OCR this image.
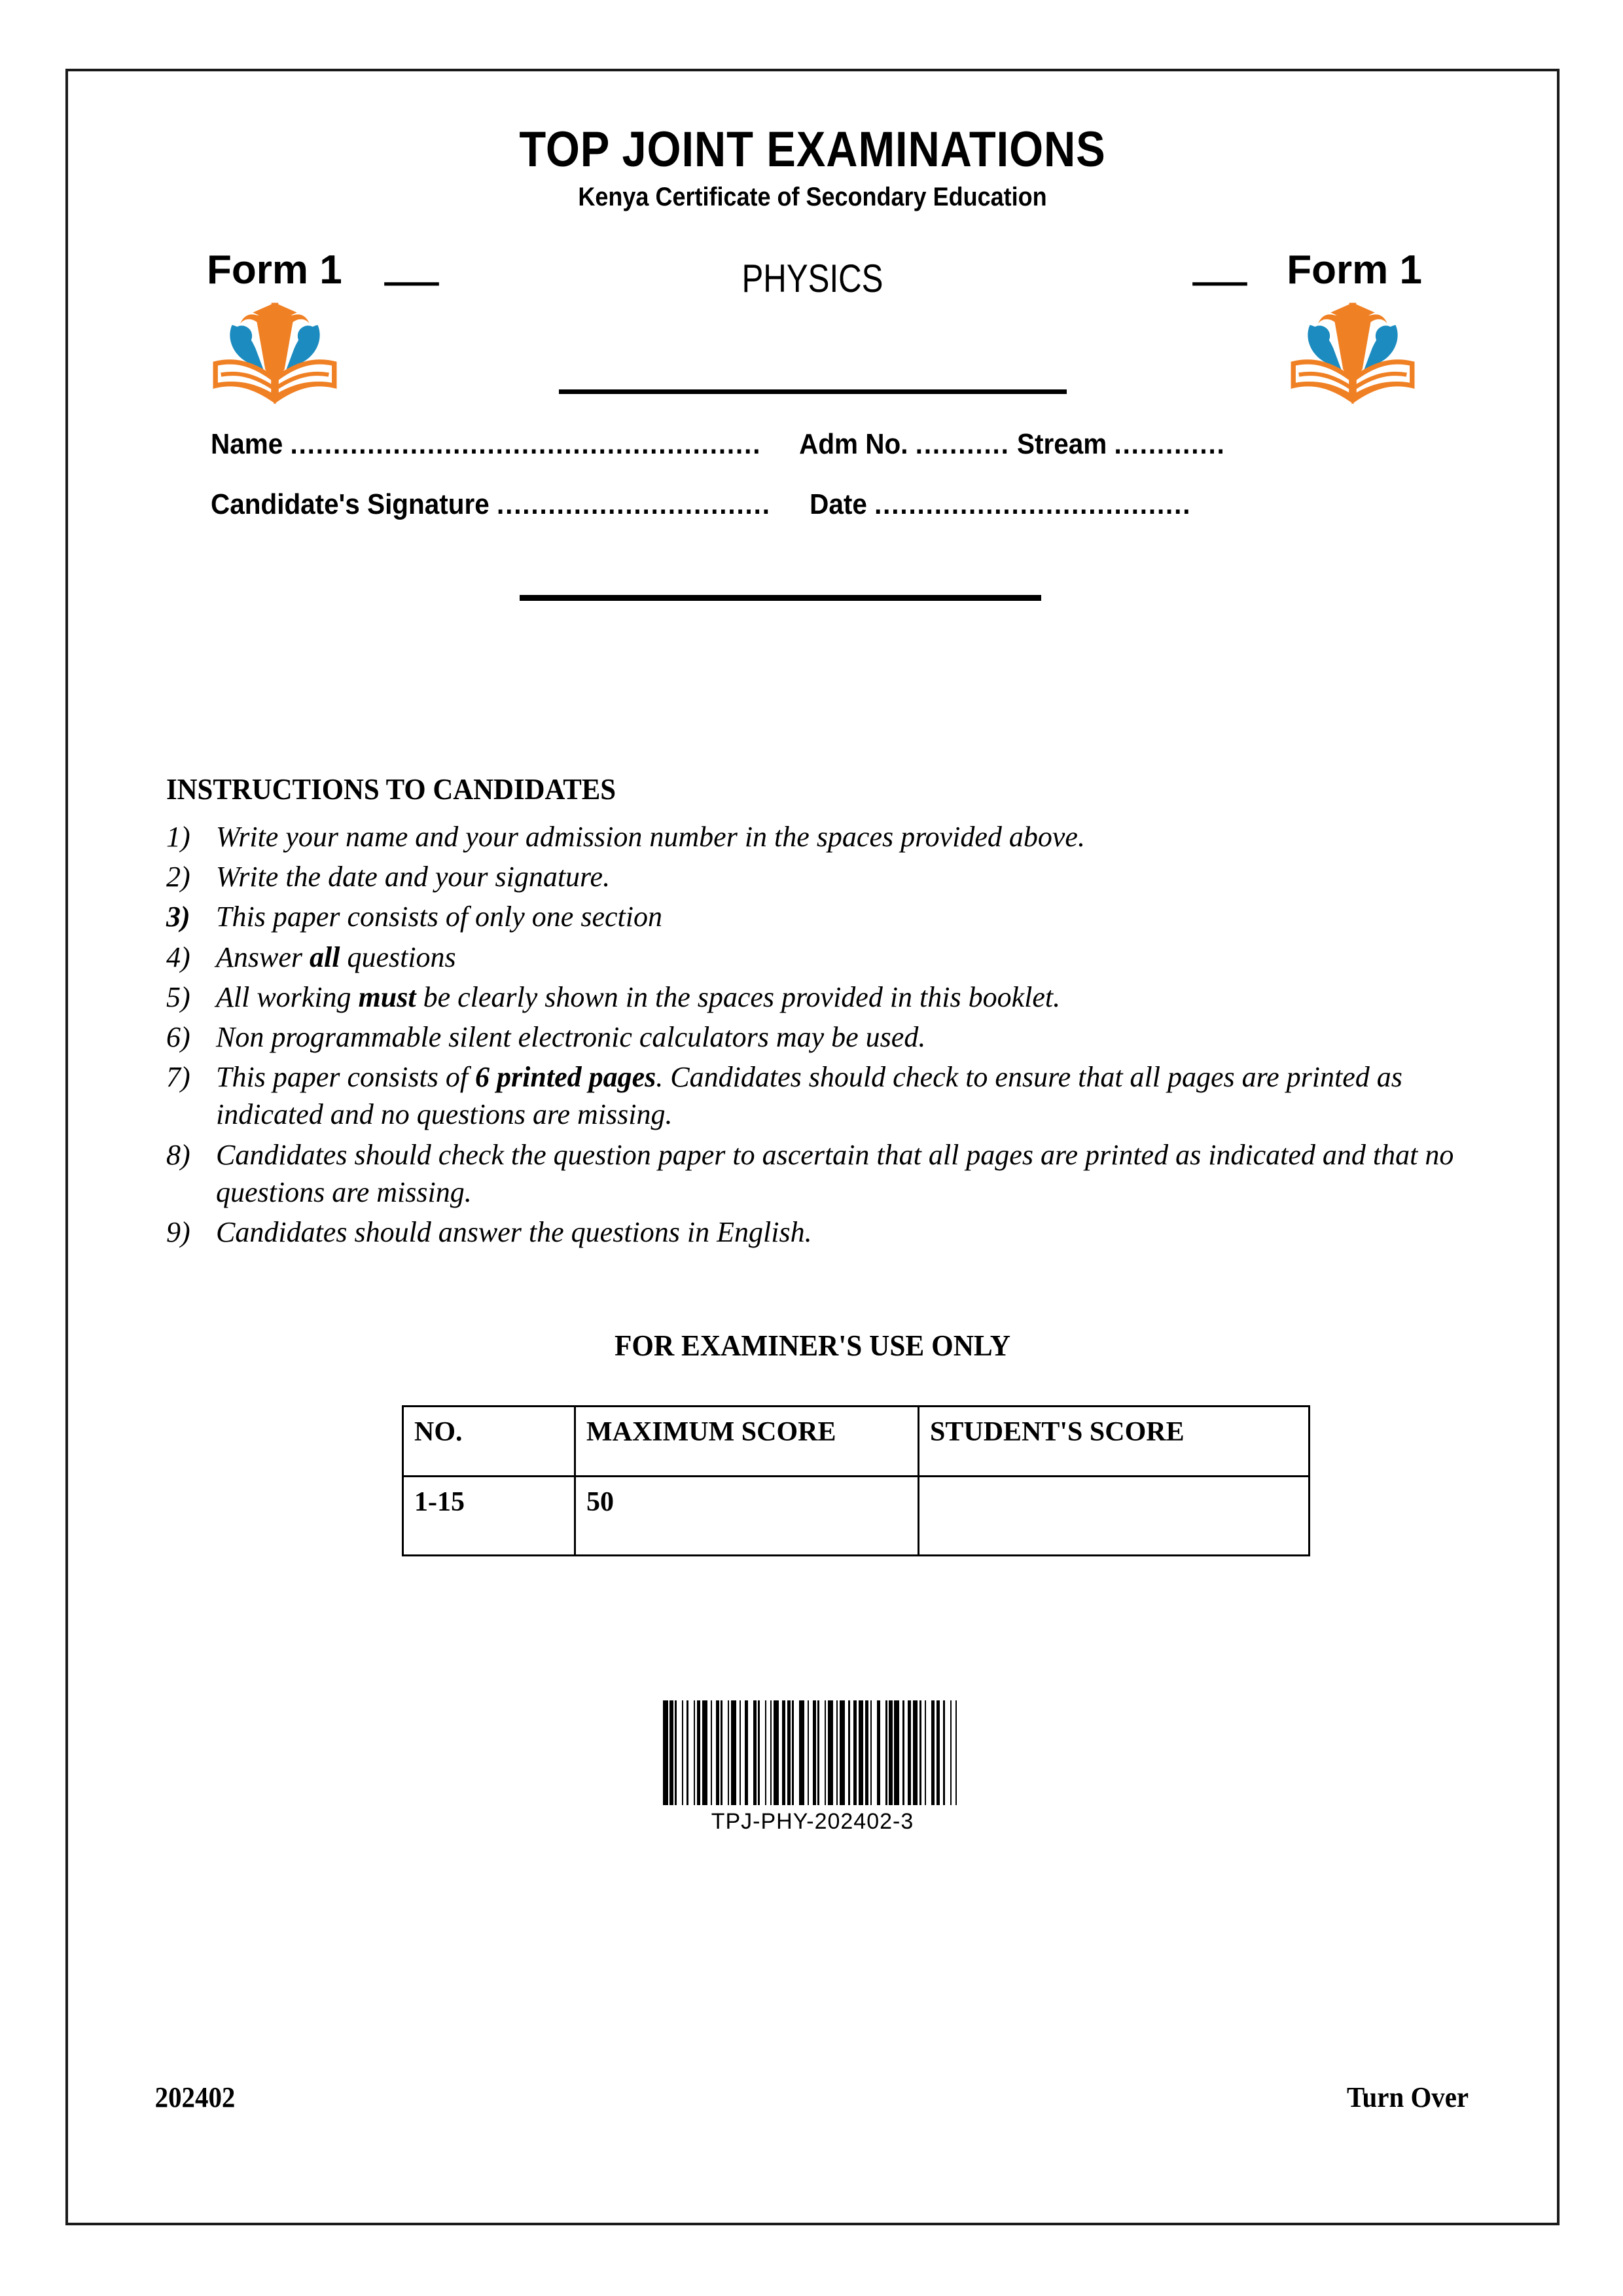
TOP JOINT EXAMINATIONS
Kenya Certificate of Secondary Education
Form 1 —	PHYSICS	— Form 1
Name ....................................................... Adm No. ........... Stream .............
Candidate's Signature ................................ Date .....................................
INSTRUCTIONS TO CANDIDATES
1) Write your name and your admission number in the spaces provided above.
2) Write the date and your signature.
3) This paper consists of only one section
4) Answer all questions
5) All working must be clearly shown in the spaces provided in this booklet.
6) Non programmable silent electronic calculators may be used.
7) This paper consists of 6 printed pages. Candidates should check to ensure that all pages are printed as indicated and no questions are missing.
8) Candidates should check the question paper to ascertain that all pages are printed as indicated and that no questions are missing.
9) Candidates should answer the questions in English.
FOR EXAMINER'S USE ONLY
NO.	MAXIMUM SCORE	STUDENT'S SCORE
1-15	50	
TPJ-PHY-202402-3
202402	Turn Over
